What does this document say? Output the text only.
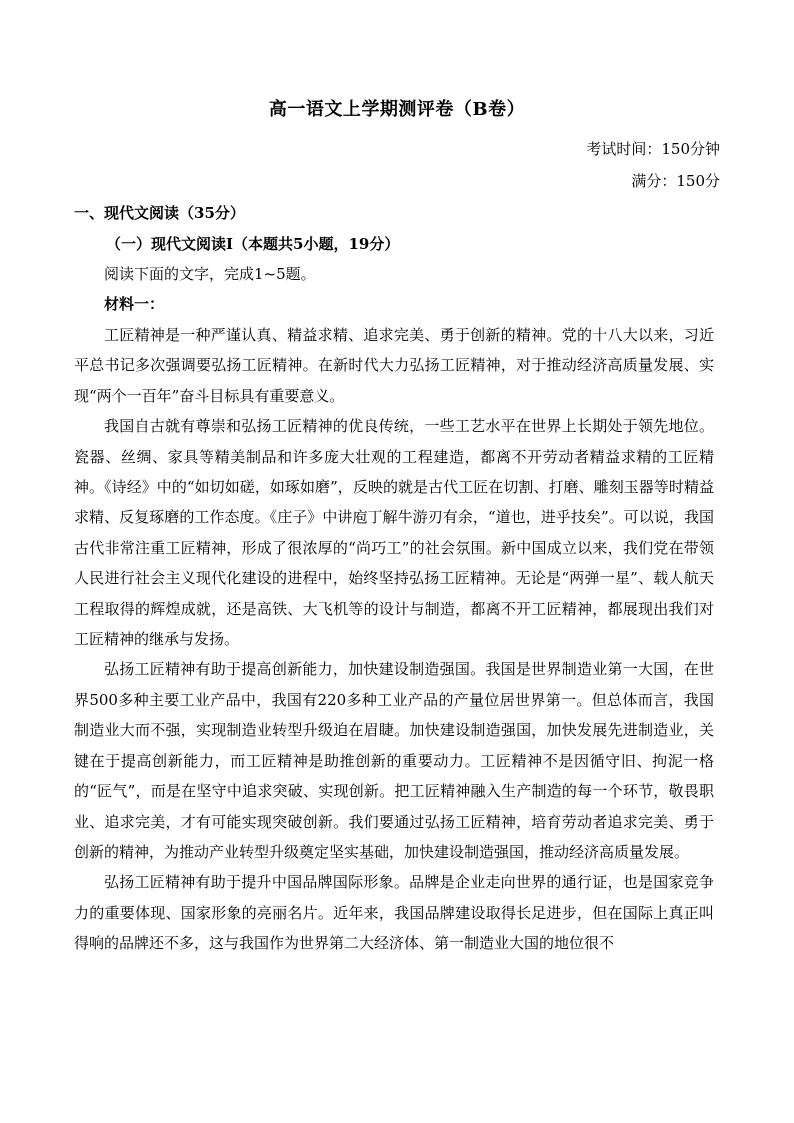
高一语文上学期测评卷（B卷）
考试时间：150分钟
满分：150分
一、现代文阅读（35分）
（一）现代文阅读Ⅰ（本题共5小题，19分）
阅读下面的文字，完成1~5题。
材料一：

工匠精神是一种严谨认真、精益求精、追求完美、勇于创新的精神。党的十八大以来，习近平总书记多次强调要弘扬工匠精神。在新时代大力弘扬工匠精神，对于推动经济高质量发展、实现“两个一百年”奋斗目标具有重要意义。

我国自古就有尊崇和弘扬工匠精神的优良传统，一些工艺水平在世界上长期处于领先地位。瓷器、丝绸、家具等精美制品和许多庞大壮观的工程建造，都离不开劳动者精益求精的工匠精神。《诗经》中的“如切如磋，如琢如磨”，反映的就是古代工匠在切割、打磨、雕刻玉器等时精益求精、反复琢磨的工作态度。《庄子》中讲庖丁解牛游刃有余，“道也，进乎技矣”。可以说，我国古代非常注重工匠精神，形成了很浓厚的“尚巧工”的社会氛围。新中国成立以来，我们党在带领人民进行社会主义现代化建设的进程中，始终坚持弘扬工匠精神。无论是“两弹一星”、载人航天工程取得的辉煌成就，还是高铁、大飞机等的设计与制造，都离不开工匠精神，都展现出我们对工匠精神的继承与发扬。

弘扬工匠精神有助于提高创新能力，加快建设制造强国。我国是世界制造业第一大国，在世界500多种主要工业产品中，我国有220多种工业产品的产量位居世界第一。但总体而言，我国制造业大而不强，实现制造业转型升级迫在眉睫。加快建设制造强国，加快发展先进制造业，关键在于提高创新能力，而工匠精神是助推创新的重要动力。工匠精神不是因循守旧、拘泥一格的“匠气”，而是在坚守中追求突破、实现创新。把工匠精神融入生产制造的每一个环节，敬畏职业、追求完美，才有可能实现突破创新。我们要通过弘扬工匠精神，培育劳动者追求完美、勇于创新的精神，为推动产业转型升级奠定坚实基础，加快建设制造强国，推动经济高质量发展。

弘扬工匠精神有助于提升中国品牌国际形象。品牌是企业走向世界的通行证，也是国家竞争力的重要体现、国家形象的亮丽名片。近年来，我国品牌建设取得长足进步，但在国际上真正叫得响的品牌还不多，这与我国作为世界第二大经济体、第一制造业大国的地位很不
